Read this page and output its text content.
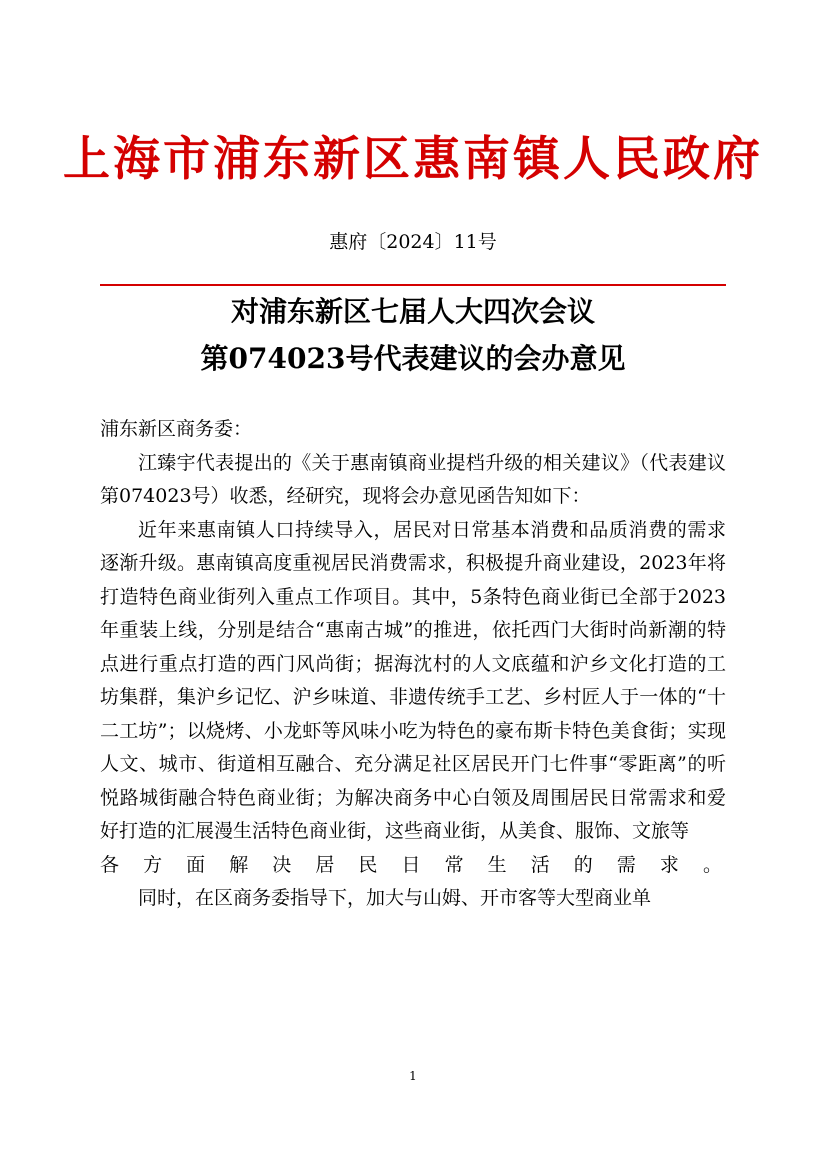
上海市浦东新区惠南镇人民政府
惠府〔2024〕11号
对浦东新区七届人大四次会议
第074023号代表建议的会办意见

浦东新区商务委：

江臻宇代表提出的《关于惠南镇商业提档升级的相关建议》（代表建议第074023号）收悉，经研究，现将会办意见函告知如下：

近年来惠南镇人口持续导入，居民对日常基本消费和品质消费的需求逐渐升级。惠南镇高度重视居民消费需求，积极提升商业建设，2023年将打造特色商业街列入重点工作项目。其中，5条特色商业街已全部于2023年重装上线，分别是结合“惠南古城”的推进，依托西门大街时尚新潮的特点进行重点打造的西门风尚街；据海沈村的人文底蕴和沪乡文化打造的工坊集群，集沪乡记忆、沪乡味道、非遗传统手工艺、乡村匠人于一体的“十二工坊”；以烧烤、小龙虾等风味小吃为特色的豪布斯卡特色美食街；实现人文、城市、街道相互融合、充分满足社区居民开门七件事“零距离”的听悦路城街融合特色商业街；为解决商务中心白领及周围居民日常需求和爱好打造的汇展漫生活特色商业街，这些商业街，从美食、服饰、文旅等

各方面解决居民日常生活的需求。

同时，在区商务委指导下，加大与山姆、开市客等大型商业单

1
